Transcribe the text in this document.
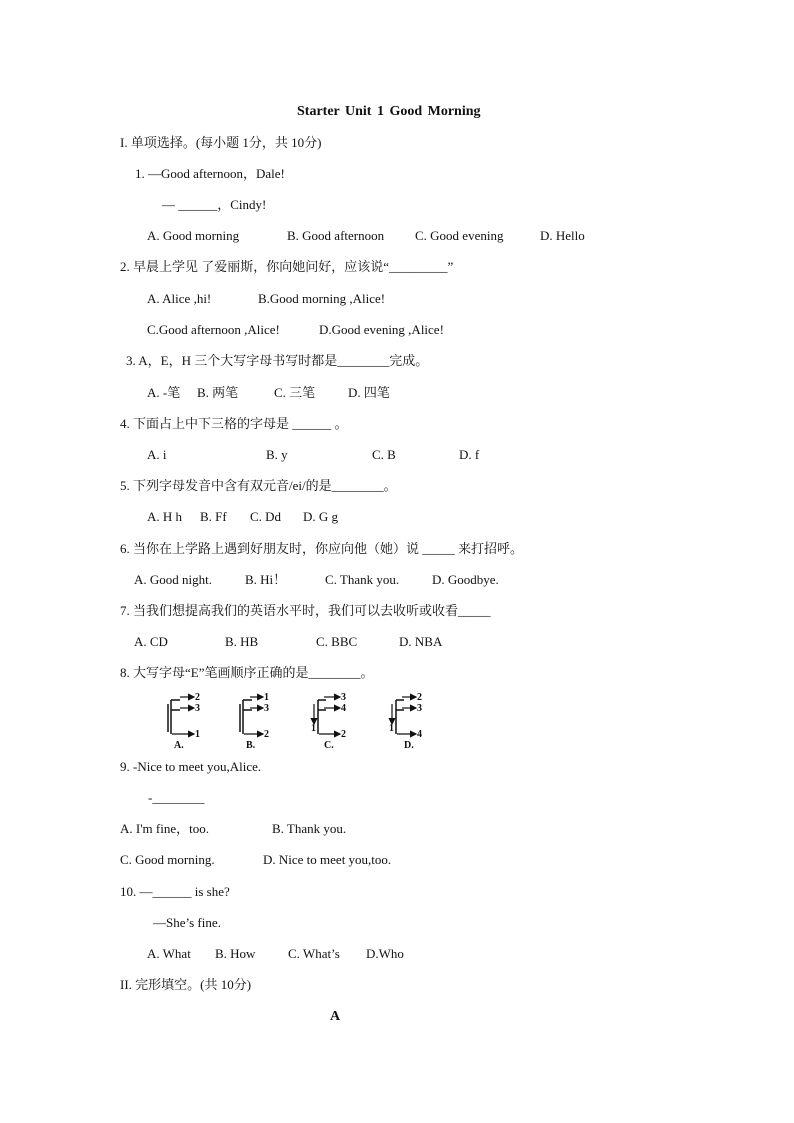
Starter Unit 1 Good Morning
I. 单项选择。(每小题 1分，共 10分)
1. —Good afternoon，Dale!
— ______，Cindy!
A. Good morning	B. Good afternoon C. Good evening	D. Hello
2. 早晨上学见 了爱丽斯，你向她问好，应该说“_________”
A. Alice ,hi!	B.Good morning ,Alice!
C.Good afternoon ,Alice!	D.Good evening ,Alice!
3. A，E，H 三个大写字母书写时都是________完成。
A. -笔 B. 两笔	C. 三笔	D. 四笔
4. 下面占上中下三格的字母是 ______ 。
A. i	B. y	C. B	D. f
5. 下列字母发音中含有双元音/ei/的是________。
A. H h B. Ff C. Dd D. G g
6. 当你在上学路上遇到好朋友时，你应向他（她）说 _____ 来打招呼。
A. Good night.	B. Hi！	C. Thank you.	D. Goodbye.
7. 当我们想提高我们的英语水平时，我们可以去收听或收看_____
A. CD	B. HB	C. BBC	D. NBA
8. 大写字母“E”笔画顺序正确的是________。
2
3
1
A.
1
3
2
B.
3
4
1
2
C.
2
3
1
4
D.
9. -Nice to meet you,Alice.
-________
A. I'm fine，too.	B. Thank you.
C. Good morning.	D. Nice to meet you,too.
10. —______ is she?
—She’s fine.
A. What B. How	C. What’s D.Who
II. 完形填空。(共 10分)
A
